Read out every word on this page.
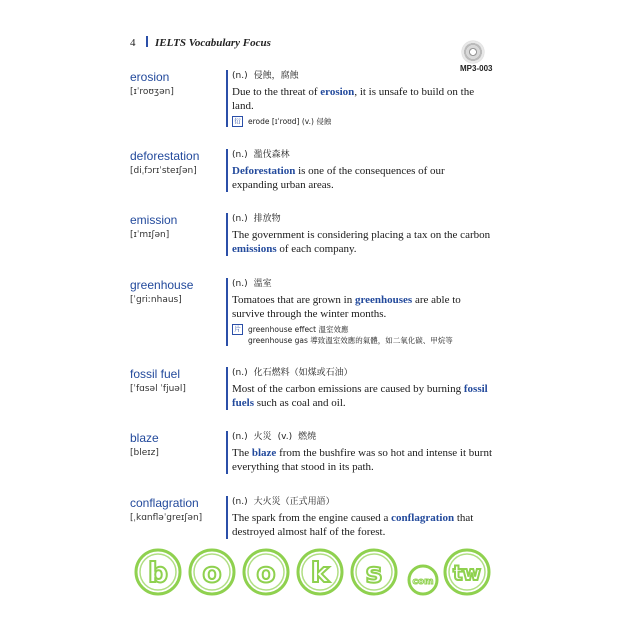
4 IELTS Vocabulary Focus
MP3-003
erosion
[ɪˈroʊʒən]
(n.) 侵蝕，腐蝕
Due to the threat of erosion, it is unsafe to build on the land.
衍 erode [ɪˈroʊd] (v.) 侵蝕
deforestation
[diˌfɔrɪˈsteɪʃən]
(n.) 濫伐森林
Deforestation is one of the consequences of our expanding urban areas.
emission
[ɪˈmɪʃən]
(n.) 排放物
The government is considering placing a tax on the carbon emissions of each company.
greenhouse
[ˈgriːnhaus]
(n.) 溫室
Tomatoes that are grown in greenhouses are able to survive through the winter months.
片 greenhouse effect 溫室效應
greenhouse gas 導致溫室效應的氣體，如二氧化碳、甲烷等
fossil fuel
[ˈfɑsəl ˈfjuəl]
(n.) 化石燃料（如煤或石油）
Most of the carbon emissions are caused by burning fossil fuels such as coal and oil.
blaze
[bleɪz]
(n.) 火災 (v.) 燃燒
The blaze from the bushfire was so hot and intense it burnt everything that stood in its path.
conflagration
[ˌkɑnfləˈgreɪʃən]
(n.) 大火災（正式用語）
The spark from the engine caused a conflagration that destroyed almost half of the forest.
b o o k s	com tw
